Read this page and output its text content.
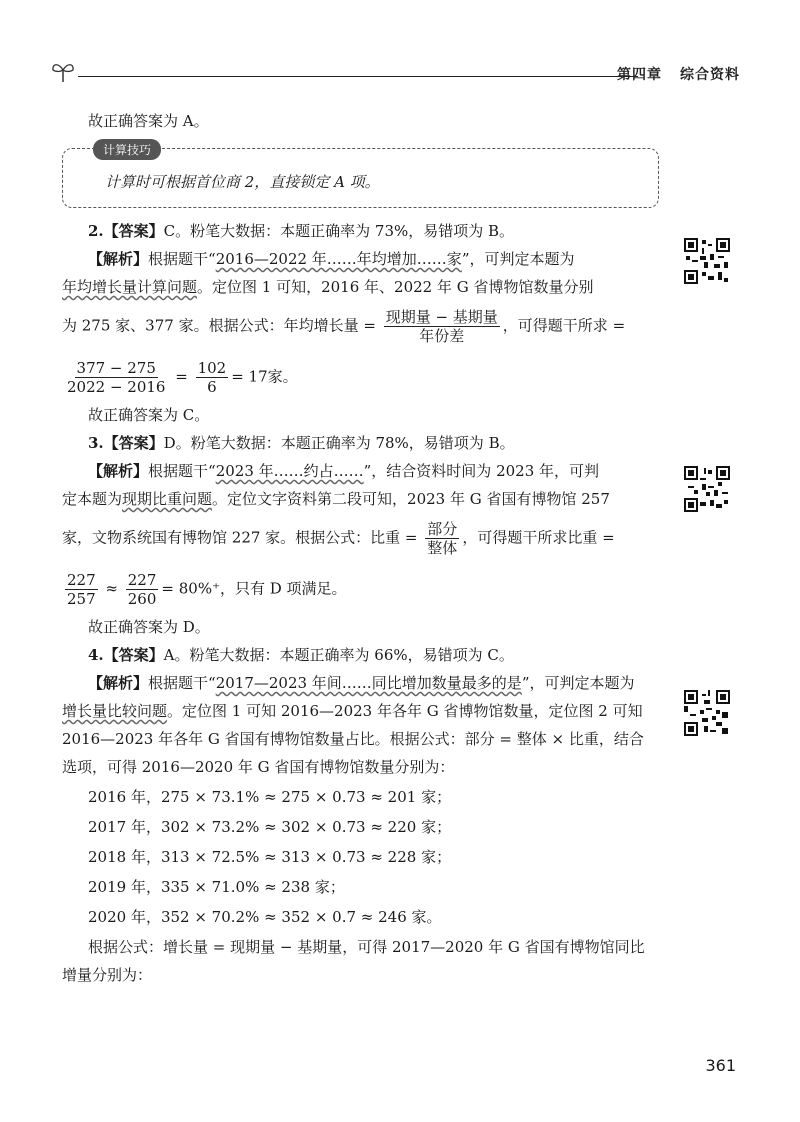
第四章 综合资料

故正确答案为 A。

计算技巧
计算时可根据首位商 2，直接锁定 A 项。

2.【答案】C。粉笔大数据：本题正确率为 73%，易错项为 B。

【解析】根据题干“2016—2022 年……年均增加……家”，可判定本题为

年均增长量计算问题。定位图 1 可知，2016 年、2022 年 G 省博物馆数量分别

为 275 家、377 家。根据公式：年均增长量 = $\frac{\text{现期量 − 基期量}}{\text{年份差}}$ ，可得题干所求 =

$\frac{377 - 275}{2022 - 2016} = \frac{102}{6} = 17$家。

故正确答案为 C。

3.【答案】D。粉笔大数据：本题正确率为 78%，易错项为 B。

【解析】根据题干“2023 年……约占……”，结合资料时间为 2023 年，可判

定本题为现期比重问题。定位文字资料第二段可知，2023 年 G 省国有博物馆 257

家，文物系统国有博物馆 227 家。根据公式：比重 = $\frac{\text{部分}}{\text{整体}}$ ，可得题干所求比重 =

$\frac{227}{257} \approx \frac{227}{260} = 80\%^+$，只有 D 项满足。

故正确答案为 D。

4.【答案】A。粉笔大数据：本题正确率为 66%，易错项为 C。

【解析】根据题干“2017—2023 年间……同比增加数量最多的是”，可判定本题为

增长量比较问题。定位图 1 可知 2016—2023 年各年 G 省博物馆数量，定位图 2 可知

2016—2023 年各年 G 省国有博物馆数量占比。根据公式：部分 = 整体 × 比重，结合

选项，可得 2016—2020 年 G 省国有博物馆数量分别为：

2016 年，275 × 73.1% ≈ 275 × 0.73 ≈ 201 家；

2017 年，302 × 73.2% ≈ 302 × 0.73 ≈ 220 家；

2018 年，313 × 72.5% ≈ 313 × 0.73 ≈ 228 家；

2019 年，335 × 71.0% ≈ 238 家；

2020 年，352 × 70.2% ≈ 352 × 0.7 ≈ 246 家。

根据公式：增长量 = 现期量 − 基期量，可得 2017—2020 年 G 省国有博物馆同比

增量分别为：

361
